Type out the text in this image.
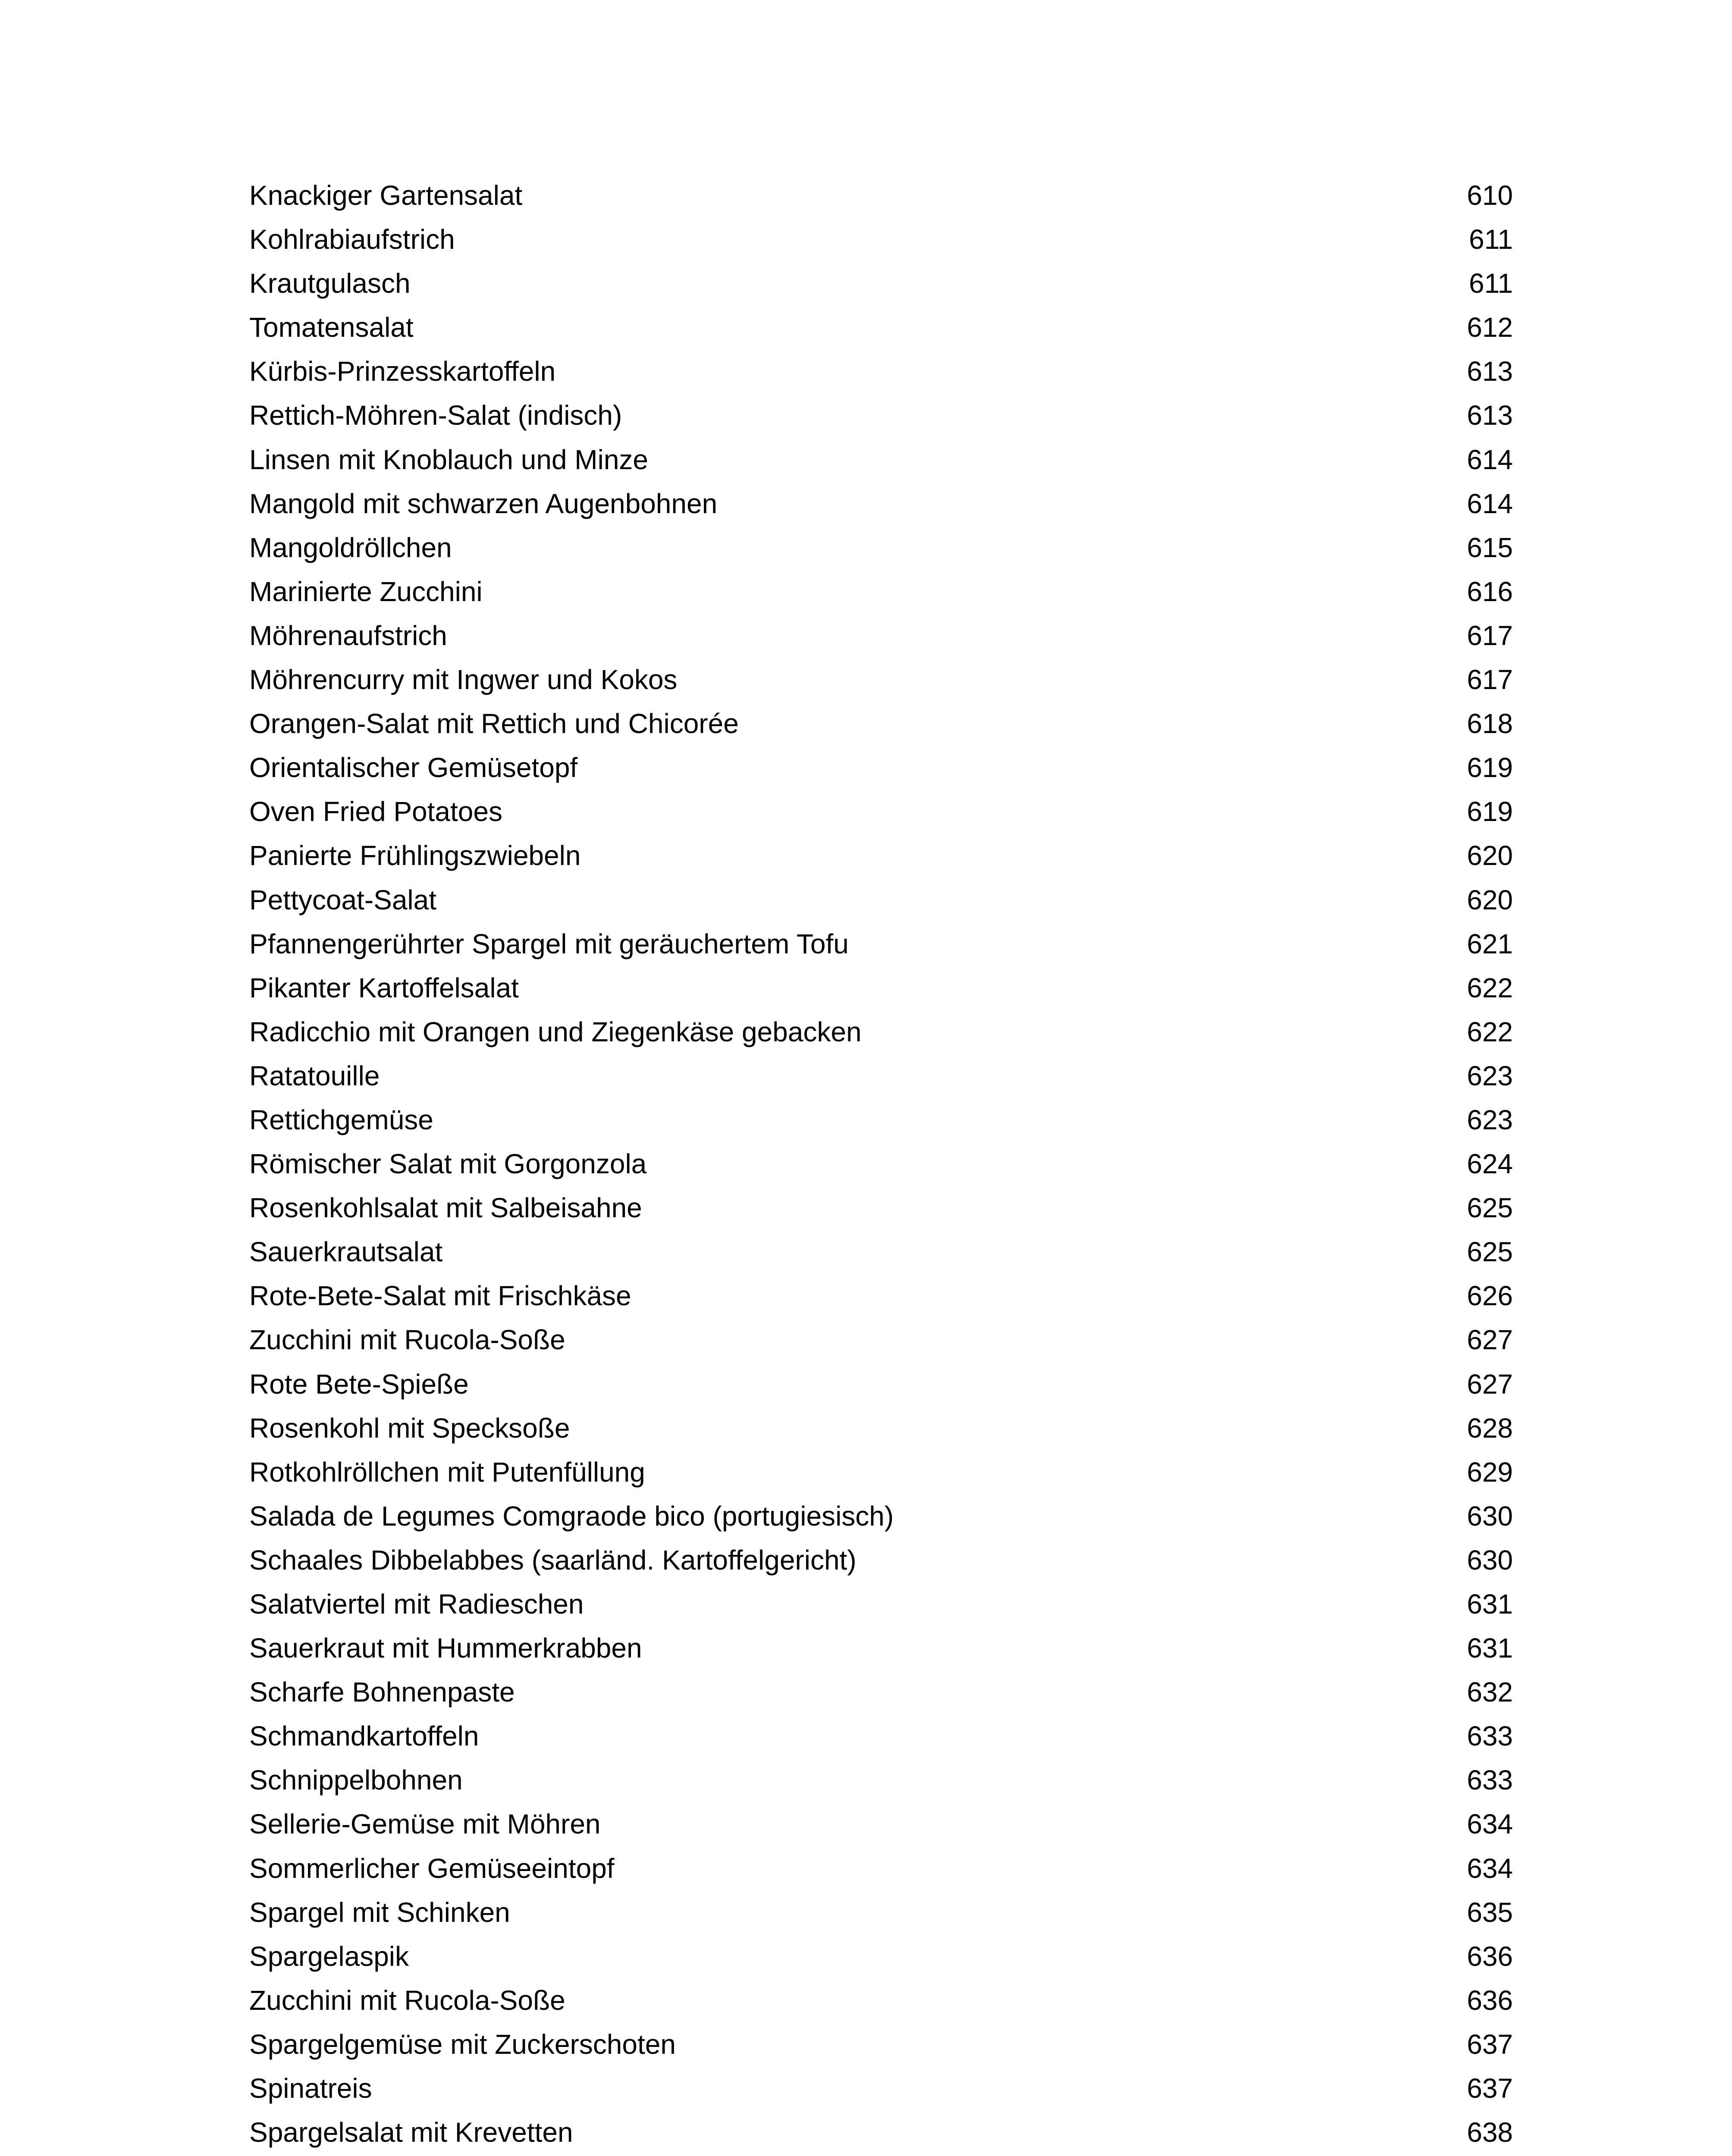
Knackiger Gartensalat	610
Kohlrabiaufstrich	611
Krautgulasch	611
Tomatensalat	612
Kürbis-Prinzesskartoffeln	613
Rettich-Möhren-Salat (indisch)	613
Linsen mit Knoblauch und Minze	614
Mangold mit schwarzen Augenbohnen	614
Mangoldröllchen	615
Marinierte Zucchini	616
Möhrenaufstrich	617
Möhrencurry mit Ingwer und Kokos	617
Orangen-Salat mit Rettich und Chicorée	618
Orientalischer Gemüsetopf	619
Oven Fried Potatoes	619
Panierte Frühlingszwiebeln	620
Pettycoat-Salat	620
Pfannengerührter Spargel mit geräuchertem Tofu	621
Pikanter Kartoffelsalat	622
Radicchio mit Orangen und Ziegenkäse gebacken	622
Ratatouille	623
Rettichgemüse	623
Römischer Salat mit Gorgonzola	624
Rosenkohlsalat mit Salbeisahne	625
Sauerkrautsalat	625
Rote-Bete-Salat mit Frischkäse	626
Zucchini mit Rucola-Soße	627
Rote Bete-Spieße	627
Rosenkohl mit Specksoße	628
Rotkohlröllchen mit Putenfüllung	629
Salada de Legumes Comgraode bico (portugiesisch)	630
Schaales Dibbelabbes (saarländ. Kartoffelgericht)	630
Salatviertel mit Radieschen	631
Sauerkraut mit Hummerkrabben	631
Scharfe Bohnenpaste	632
Schmandkartoffeln	633
Schnippelbohnen	633
Sellerie-Gemüse mit Möhren	634
Sommerlicher Gemüseeintopf	634
Spargel mit Schinken	635
Spargelaspik	636
Zucchini mit Rucola-Soße	636
Spargelgemüse mit Zuckerschoten	637
Spinatreis	637
Spargelsalat mit Krevetten	638
